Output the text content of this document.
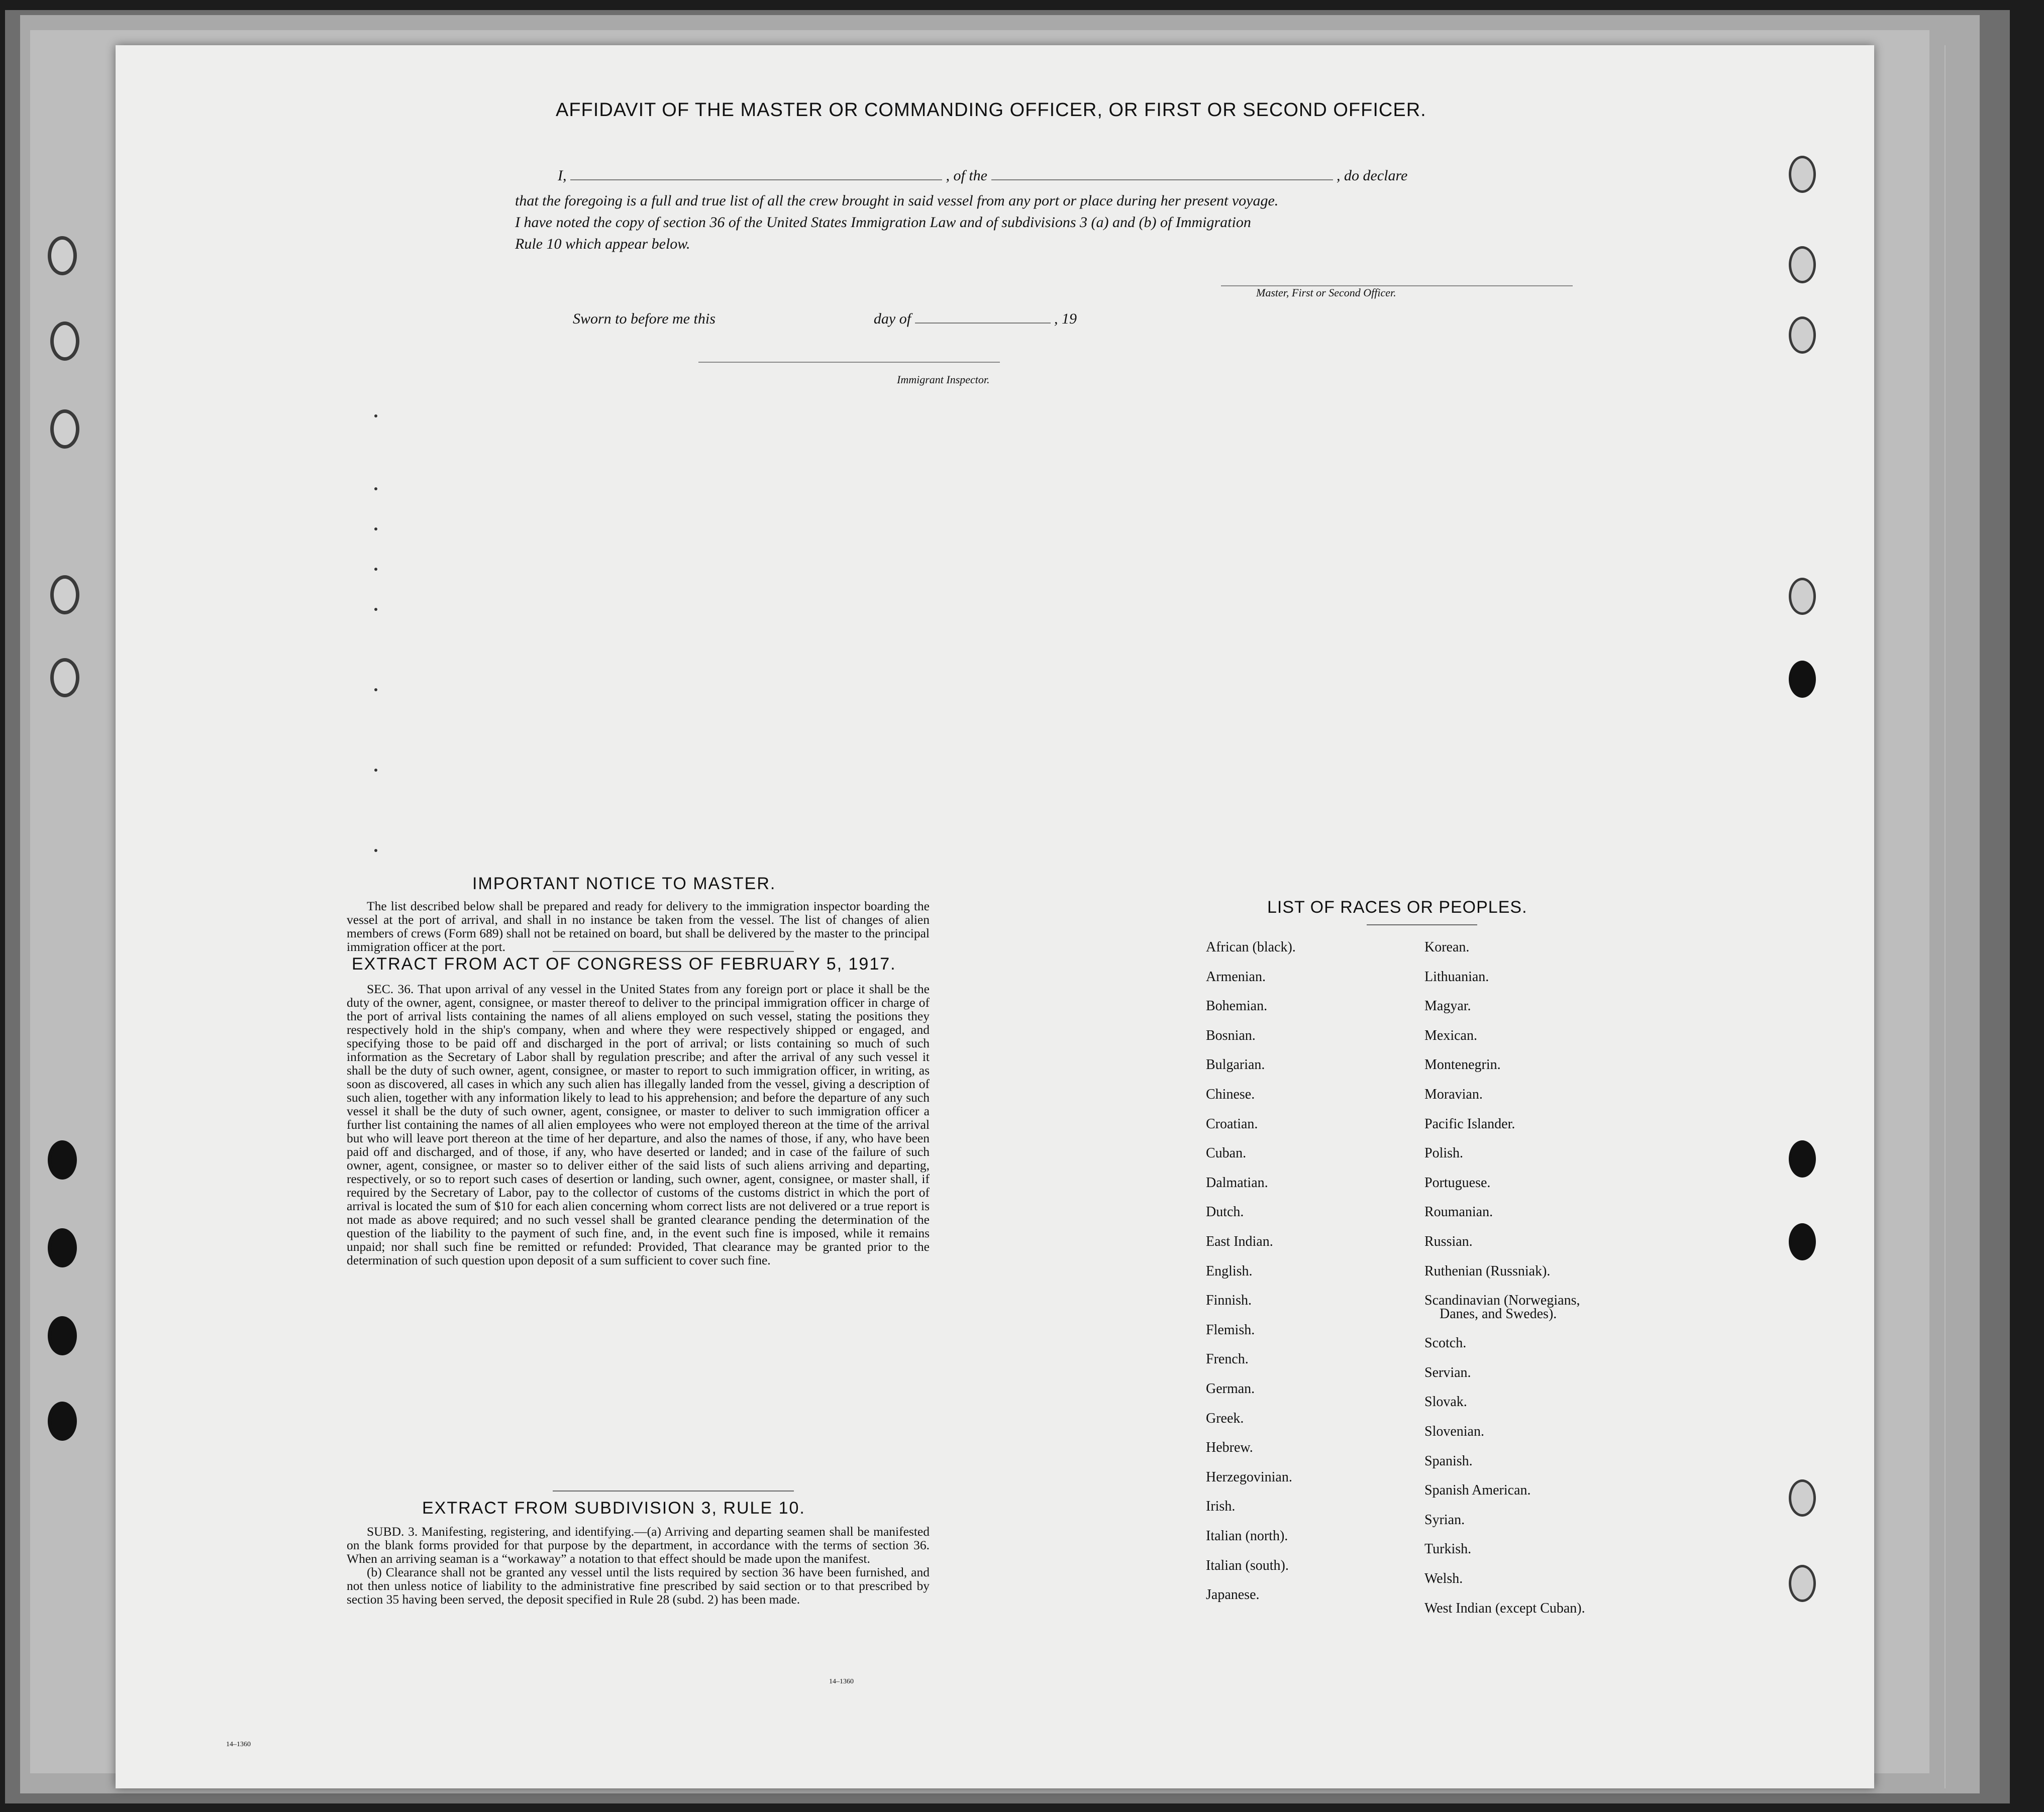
AFFIDAVIT OF THE MASTER OR COMMANDING OFFICER, OR FIRST OR SECOND OFFICER.
I,	, of the	, do declare
that the foregoing is a full and true list of all the crew brought in said vessel from any port or place during her present voyage.
I have noted the copy of section 36 of the United States Immigration Law and of subdivisions 3 (a) and (b) of Immigration
Rule 10 which appear below.
Master, First or Second Officer.
Sworn to before me this	day of	, 19
Immigrant Inspector.
IMPORTANT NOTICE TO MASTER.

The list described below shall be prepared and ready for delivery to the immigration inspector boarding the vessel at the port of arrival, and shall in no instance be taken from the vessel. The list of changes of alien members of crews (Form 689) shall not be retained on board, but shall be delivered by the master to the principal immigration officer at the port.

EXTRACT FROM ACT OF CONGRESS OF FEBRUARY 5, 1917.

SEC. 36. That upon arrival of any vessel in the United States from any foreign port or place it shall be the duty of the owner, agent, consignee, or master thereof to deliver to the principal immigration officer in charge of the port of arrival lists containing the names of all aliens employed on such vessel, stating the positions they respectively hold in the ship's company, when and where they were respectively shipped or engaged, and specifying those to be paid off and discharged in the port of arrival; or lists containing so much of such information as the Secretary of Labor shall by regulation prescribe; and after the arrival of any such vessel it shall be the duty of such owner, agent, consignee, or master to report to such immigration officer, in writing, as soon as discovered, all cases in which any such alien has illegally landed from the vessel, giving a description of such alien, together with any information likely to lead to his apprehension; and before the departure of any such vessel it shall be the duty of such owner, agent, consignee, or master to deliver to such immigration officer a further list containing the names of all alien employees who were not employed thereon at the time of the arrival but who will leave port thereon at the time of her departure, and also the names of those, if any, who have been paid off and discharged, and of those, if any, who have deserted or landed; and in case of the failure of such owner, agent, consignee, or master so to deliver either of the said lists of such aliens arriving and departing, respectively, or so to report such cases of desertion or landing, such owner, agent, consignee, or master shall, if required by the Secretary of Labor, pay to the collector of customs of the customs district in which the port of arrival is located the sum of $10 for each alien concerning whom correct lists are not delivered or a true report is not made as above required; and no such vessel shall be granted clearance pending the determination of the question of the liability to the payment of such fine, and, in the event such fine is imposed, while it remains unpaid; nor shall such fine be remitted or refunded: Provided, That clearance may be granted prior to the determination of such question upon deposit of a sum sufficient to cover such fine.

EXTRACT FROM SUBDIVISION 3, RULE 10.

SUBD. 3. Manifesting, registering, and identifying.—(a) Arriving and departing seamen shall be manifested on the blank forms provided for that purpose by the department, in accordance with the terms of section 36. When an arriving seaman is a “workaway” a notation to that effect should be made upon the manifest.

(b) Clearance shall not be granted any vessel until the lists required by section 36 have been furnished, and not then unless notice of liability to the administrative fine prescribed by said section or to that prescribed by section 35 having been served, the deposit specified in Rule 28 (subd. 2) has been made.

14–1360
LIST OF RACES OR PEOPLES.
14–1360
African (black).
Armenian.
Bohemian.
Bosnian.
Bulgarian.
Chinese.
Croatian.
Cuban.
Dalmatian.
Dutch.
East Indian.
English.
Finnish.
Flemish.
French.
German.
Greek.
Hebrew.
Herzegovinian.
Irish.
Italian (north).
Italian (south).
Japanese.
Korean.
Lithuanian.
Magyar.
Mexican.
Montenegrin.
Moravian.
Pacific Islander.
Polish.
Portuguese.
Roumanian.
Russian.
Ruthenian (Russniak).
Scandinavian (Norwegians,
Danes, and Swedes).
Scotch.
Servian.
Slovak.
Slovenian.
Spanish.
Spanish American.
Syrian.
Turkish.
Welsh.
West Indian (except Cuban).
